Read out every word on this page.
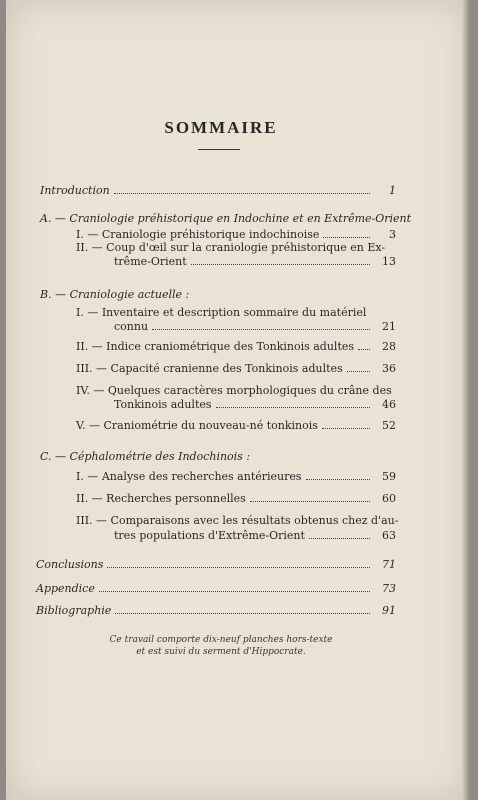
SOMMAIRE
Introduction	1
A. — Craniologie préhistorique en Indochine et en Extrême-Orient
I. — Craniologie préhistorique indochinoise	3
II. — Coup d'œil sur la craniologie préhistorique en Ex-
trême-Orient	13
B. — Craniologie actuelle :
I. — Inventaire et description sommaire du matériel
connu	21
II. — Indice craniométrique des Tonkinois adultes	28
III. — Capacité cranienne des Tonkinois adultes	36
IV. — Quelques caractères morphologiques du crâne des
Tonkinois adultes	46
V. — Craniométrie du nouveau-né tonkinois	52
C. — Céphalométrie des Indochinois :
I. — Analyse des recherches antérieures	59
II. — Recherches personnelles	60
III. — Comparaisons avec les résultats obtenus chez d'au-
tres populations d'Extrême-Orient	63
Conclusions	71
Appendice	73
Bibliographie	91
Ce travail comporte dix-neuf planches hors-texte
et est suivi du serment d'Hippocrate.
